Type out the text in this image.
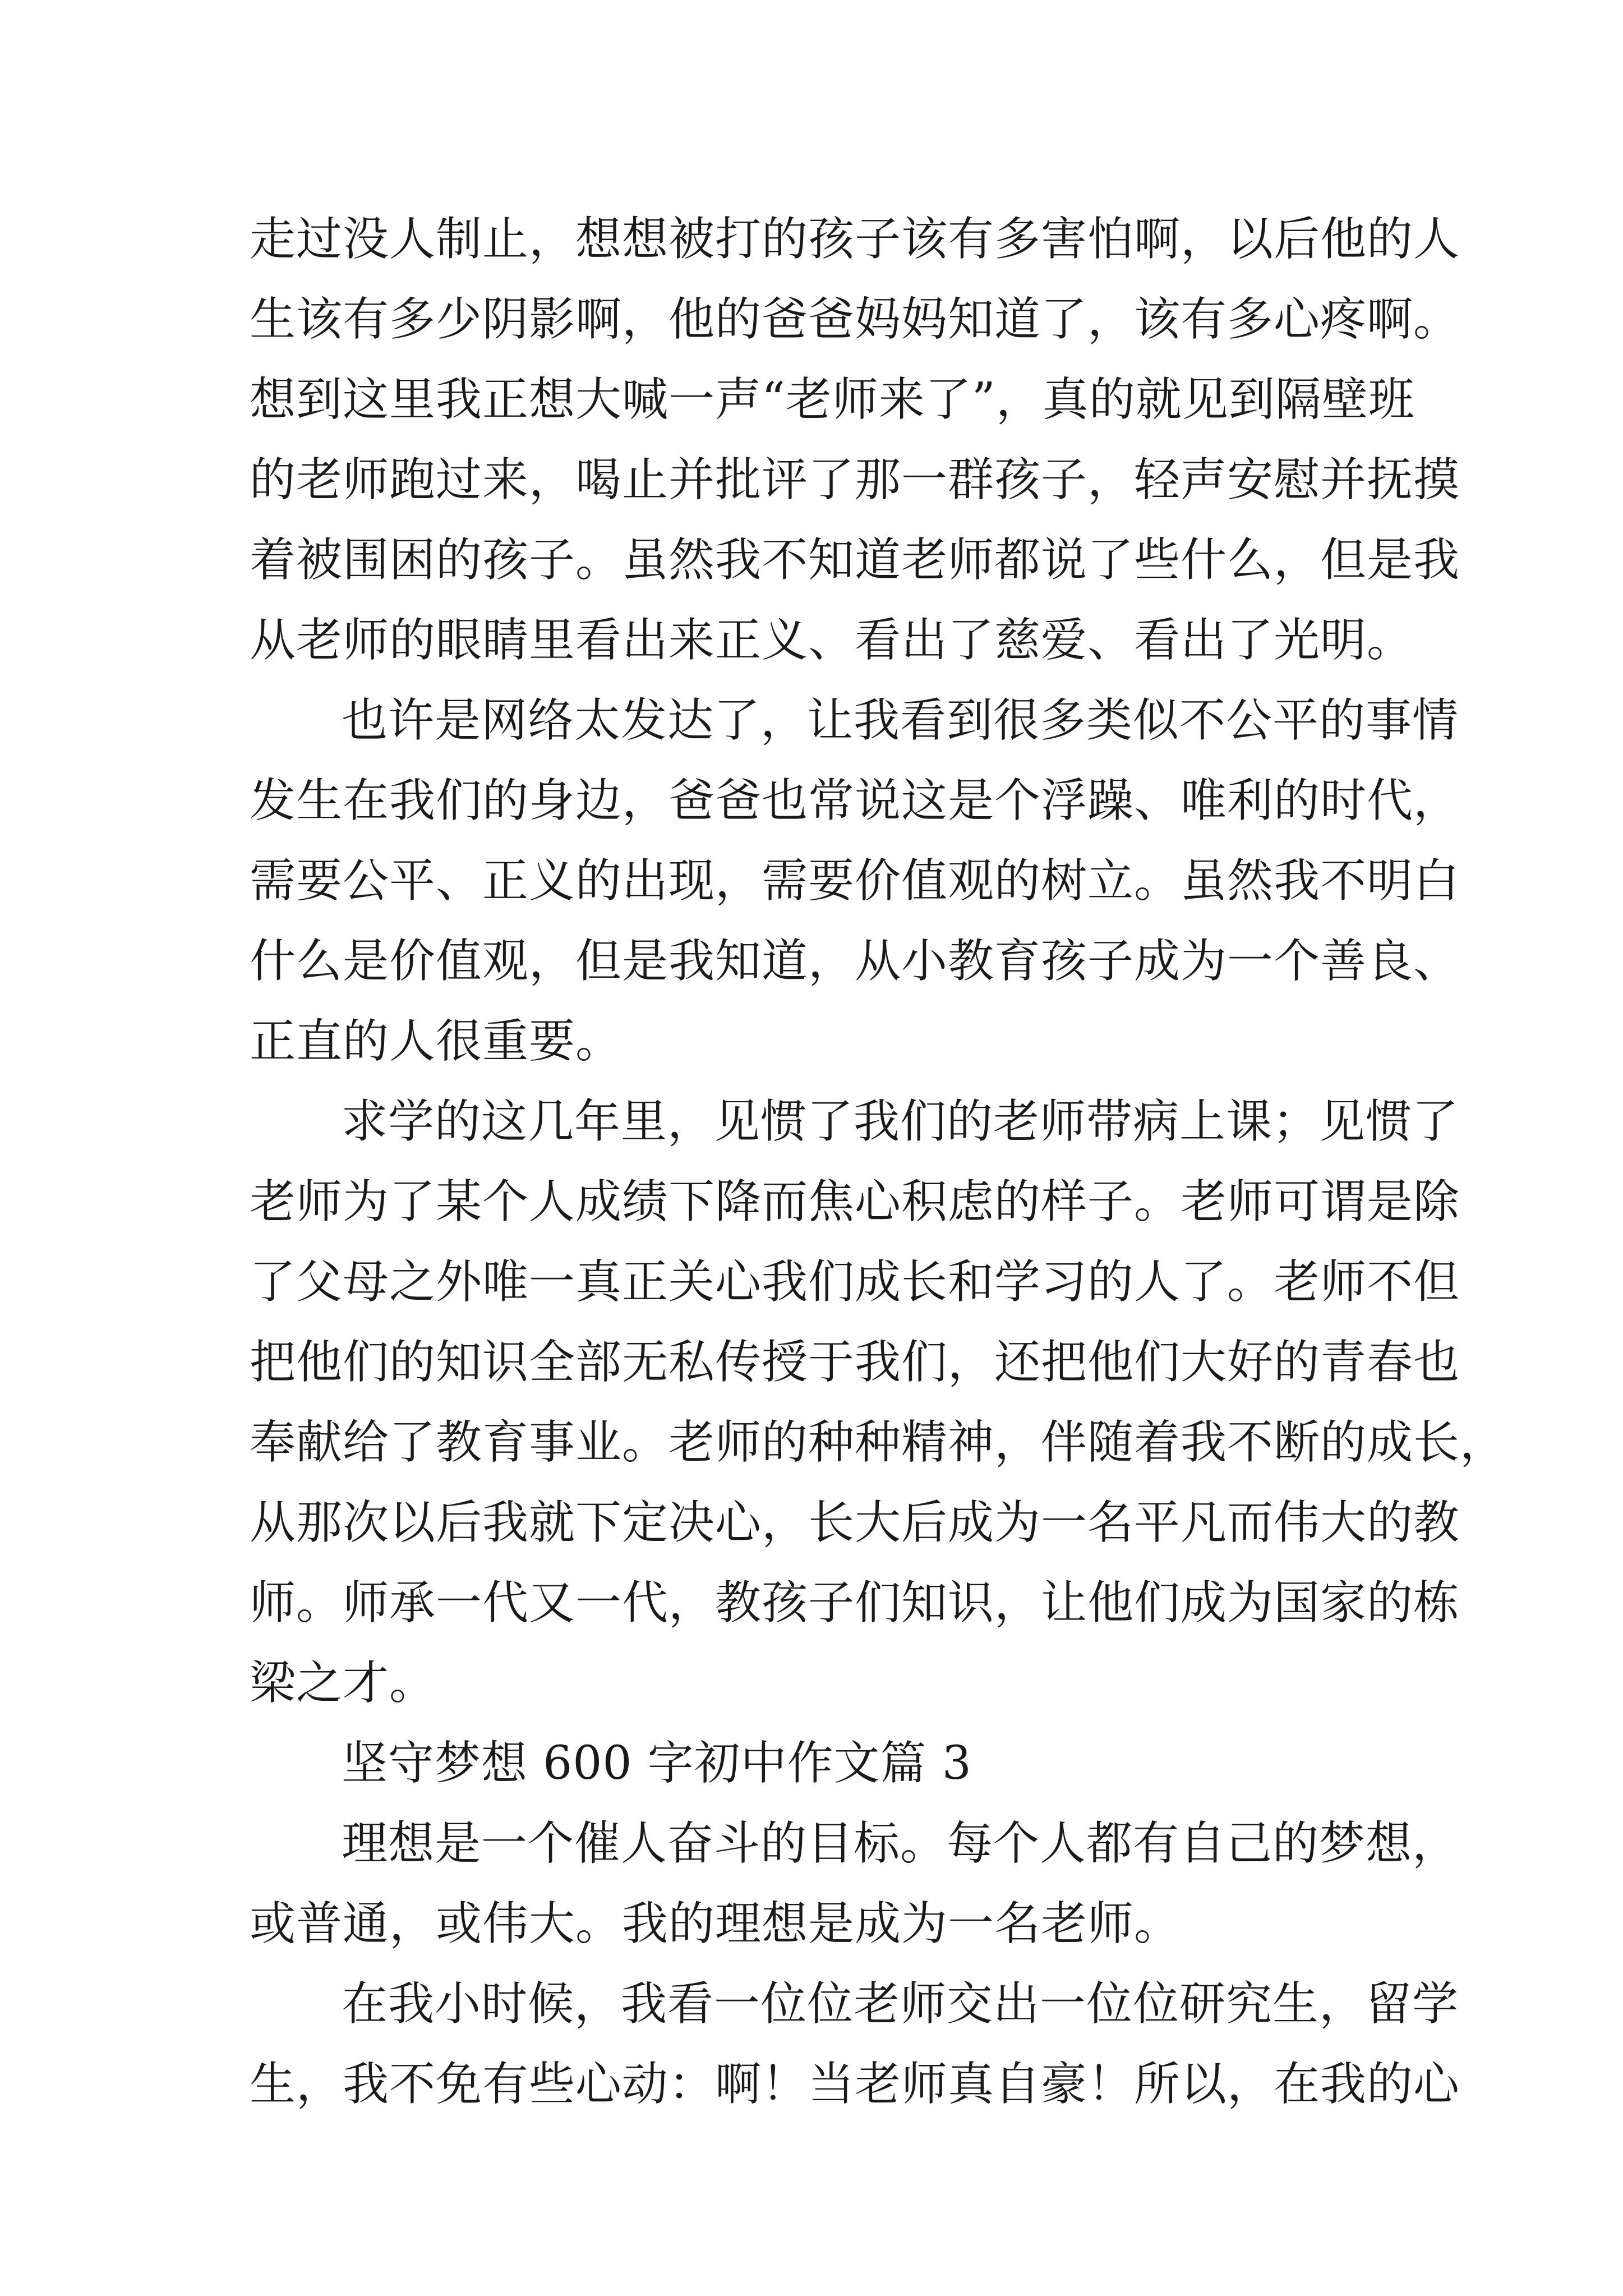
走过没人制止，想想被打的孩子该有多害怕啊，以后他的人
生该有多少阴影啊，他的爸爸妈妈知道了，该有多心疼啊。
想到这里我正想大喊一声“老师来了”，真的就见到隔壁班
的老师跑过来，喝止并批评了那一群孩子，轻声安慰并抚摸
着被围困的孩子。虽然我不知道老师都说了些什么，但是我
从老师的眼睛里看出来正义、看出了慈爱、看出了光明。
也许是网络太发达了，让我看到很多类似不公平的事情
发生在我们的身边，爸爸也常说这是个浮躁、唯利的时代，
需要公平、正义的出现，需要价值观的树立。虽然我不明白
什么是价值观，但是我知道，从小教育孩子成为一个善良、
正直的人很重要。
求学的这几年里，见惯了我们的老师带病上课；见惯了
老师为了某个人成绩下降而焦心积虑的样子。老师可谓是除
了父母之外唯一真正关心我们成长和学习的人了。老师不但
把他们的知识全部无私传授于我们，还把他们大好的青春也
奉献给了教育事业。老师的种种精神，伴随着我不断的成长，
从那次以后我就下定决心，长大后成为一名平凡而伟大的教
师。师承一代又一代，教孩子们知识，让他们成为国家的栋
梁之才。
坚守梦想 600 字初中作文篇 3
理想是一个催人奋斗的目标。每个人都有自己的梦想，
或普通，或伟大。我的理想是成为一名老师。
在我小时候，我看一位位老师交出一位位研究生，留学
生，我不免有些心动：啊！当老师真自豪！所以，在我的心
